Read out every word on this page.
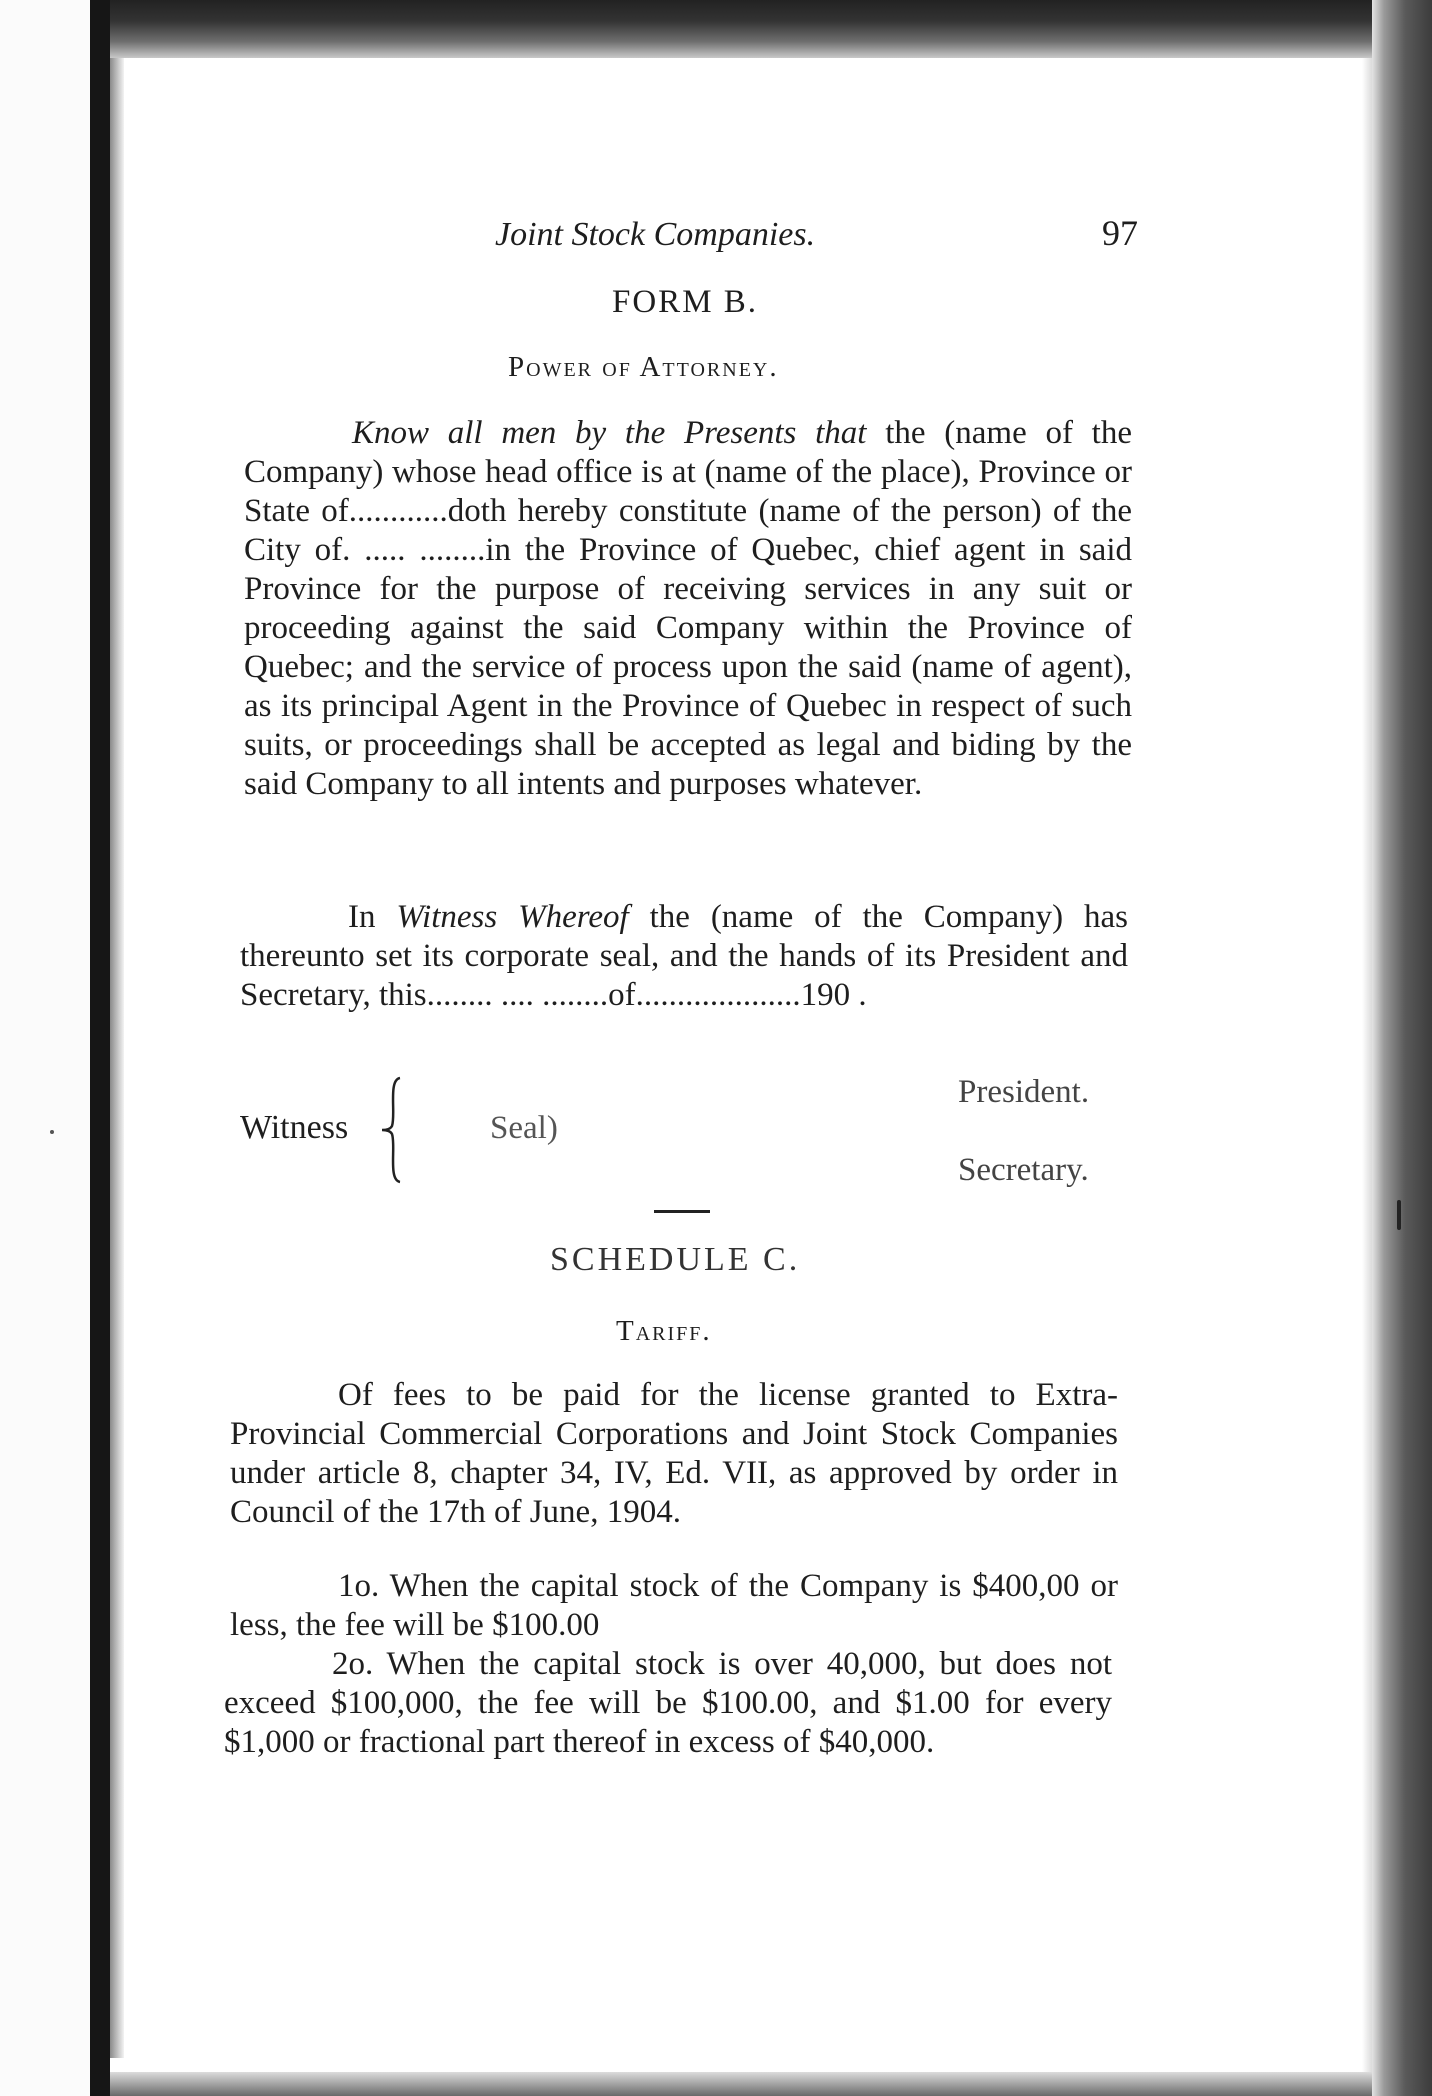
Joint Stock Companies.	97
FORM B.
Power of Attorney.

Know all men by the Presents that the (name of the Company) whose head office is at (name of the place), Province or State of............doth hereby constitute (name of the person) of the City of. ..... ........in the Province of Quebec, chief agent in said Province for the purpose of receiving services in any suit or proceeding against the said Company within the Province of Quebec; and the service of process upon the said (name of agent), as its principal Agent in the Province of Quebec in respect of such suits, or proceedings shall be accepted as legal and biding by the said Company to all intents and purposes whatever.

In Witness Whereof the (name of the Company) has thereunto set its corporate seal, and the hands of its President and Secretary, this........ .... ........of....................190 .

Witness	Seal)
President.
Secretary.
SCHEDULE C.
Tariff.

Of fees to be paid for the license granted to Extra-Provincial Commercial Corporations and Joint Stock Companies under article 8, chapter 34, IV, Ed. VII, as approved by order in Council of the 17th of June, 1904.

1o. When the capital stock of the Company is $400,00 or less, the fee will be $100.00

2o. When the capital stock is over 40,000, but does not exceed $100,000, the fee will be $100.00, and $1.00 for every $1,000 or fractional part thereof in excess of $40,000.
